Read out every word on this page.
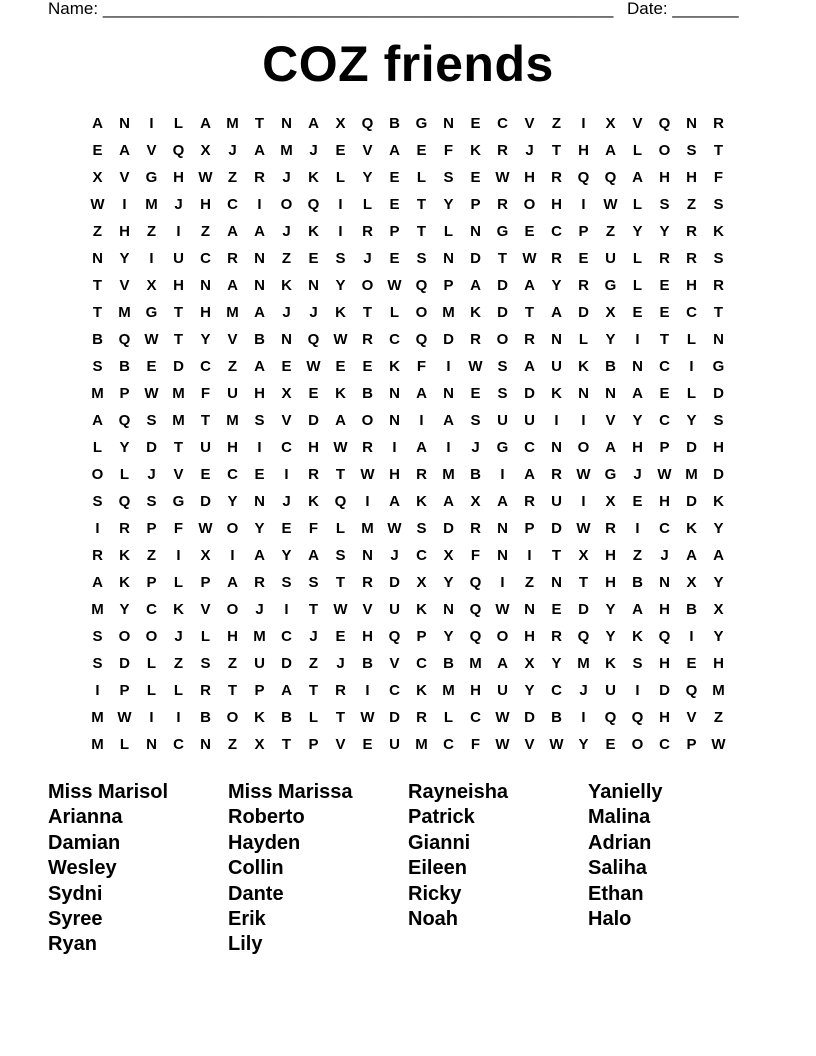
Name: ______________________________________________________ Date: _______
COZ friends
A	N	I	L	A	M	T	N	A	X	Q	B	G	N	E	C	V	Z	I	X	V	Q	N	R
E	A	V	Q	X	J	A	M	J	E	V	A	E	F	K	R	J	T	H	A	L	O	S	T
X	V	G	H W	Z	R	J	K	L	Y	E	L	S	E W H	R	Q	Q	A	H	H	F
W	I	M	J	H	C	I	O	Q	I	L	E	T	Y	P	R	O	H	I	W	L	S	Z	S
Z	H	Z	I	Z	A	A	J	K	I	R	P	T	L	N	G	E	C	P	Z	Y	Y	R	K
N	Y	I	U	C	R	N	Z	E	S	J	E	S	N	D	T	W R	E	U	L	R	R	S
T	V	X	H	N	A	N	K	N	Y	O W Q	P	A	D	A	Y	R	G	L	E	H	R
T	M G	T	H	M	A	J	J	K	T	L	O M	K	D	T	A	D	X	E	E	C	T
B	Q W	T	Y	V	B	N	Q W R	C	Q	D	R	O	R	N	L	Y	I	T	L	N
S	B	E	D	C	Z	A	E W E	E	K	F	I	W S	A	U	K	B	N	C	I	G
M	P W M	F	U	H	X	E	K	B	N	A	N	E	S	D	K	N	N	A	E	L	D
A	Q	S	M	T	M	S	V	D	A	O	N	I	A	S	U	U	I	I	V	Y	C	Y	S
L	Y	D	T	U	H	I	C	H W R	I	A	I	J	G	C	N	O	A	H	P	D	H
O	L	J	V	E	C	E	I	R	T	W H	R	M	B	I	A	R W G	J	W M	D
S	Q	S	G	D	Y	N	J	K	Q	I	A	K	A	X	A	R	U	I	X	E	H	D	K
I	R	P	F	W O	Y	E	F	L	M W S	D	R	N	P	D W R	I	C	K	Y
R	K	Z	I	X	I	A	Y	A	S	N	J	C	X	F	N	I	T	X	H	Z	J	A	A
A	K	P	L	P	A	R	S	S	T	R	D	X	Y	Q	I	Z	N	T	H	B	N	X	Y
M	Y	C	K	V	O	J	I	T	W V	U	K	N	Q W N	E	D	Y	A	H	B	X
S	O	O	J	L	H	M	C	J	E	H	Q	P	Y	Q	O	H	R	Q	Y	K	Q	I	Y
S	D	L	Z	S	Z	U	D	Z	J	B	V	C	B	M	A	X	Y	M	K	S	H	E	H
I	P	L	L	R	T	P	A	T	R	I	C	K	M	H	U	Y	C	J	U	I	D	Q M
M W	I	I	B	O	K	B	L	T	W D	R	L	C W D	B	I	Q	Q	H	V	Z
M	L	N	C	N	Z	X	T	P	V	E	U	M	C	F	W V W Y	E	O	C	P W
Miss Marisol
Arianna
Damian
Wesley
Sydni
Syree
Ryan
Miss Marissa
Roberto
Hayden
Collin
Dante
Erik
Lily
Rayneisha
Patrick
Gianni
Eileen
Ricky
Noah
Yanielly
Malina
Adrian
Saliha
Ethan
Halo
